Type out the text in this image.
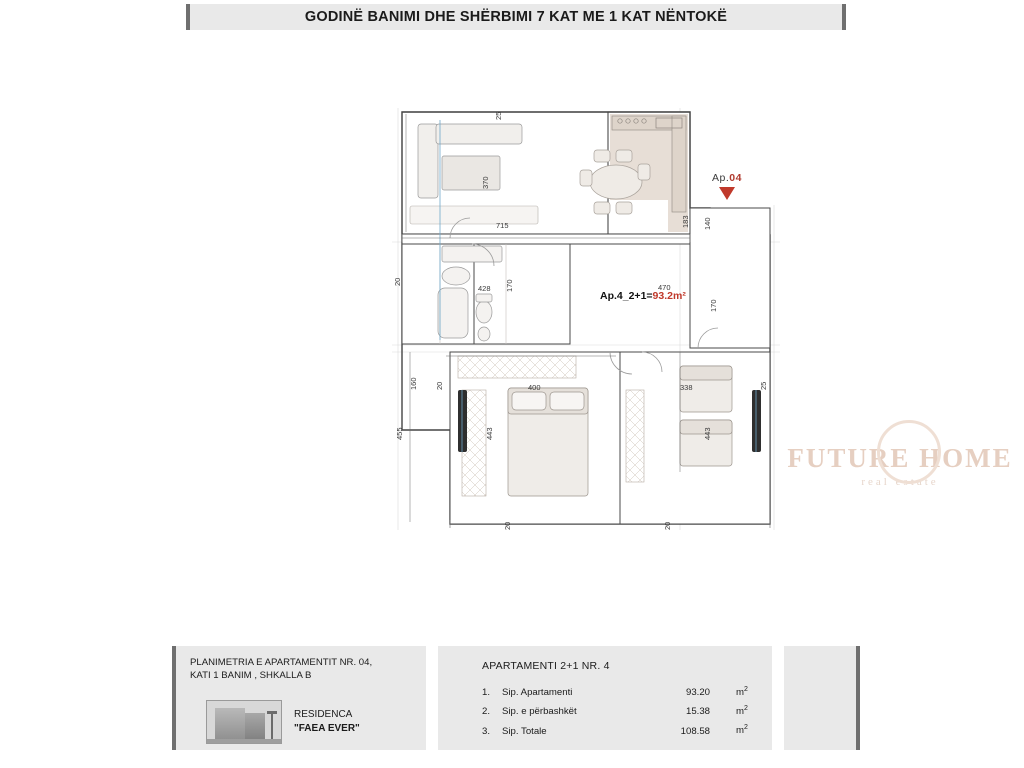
GODINË BANIMI DHE SHËRBIMI 7 KAT ME 1 KAT NËNTOKË
715
370
25
183 140
20
428 170	470
170
160 20	400	338	25
455	443	443
20	20
FUTURE HOME
real estate
Ap.4_2+1=93.2m²
Ap.04
PLANIMETRIA E APARTAMENTIT NR. 04,
KATI 1 BANIM , SHKALLA B
RESIDENCA
"FAEA EVER"
APARTAMENTI 2+1 NR. 4
1.	Sip. Apartamenti	93.20	$m^2$
2.	Sip. e përbashkët	15.38	$m^2$
3.	Sip. Totale	108.58	$m^2$
